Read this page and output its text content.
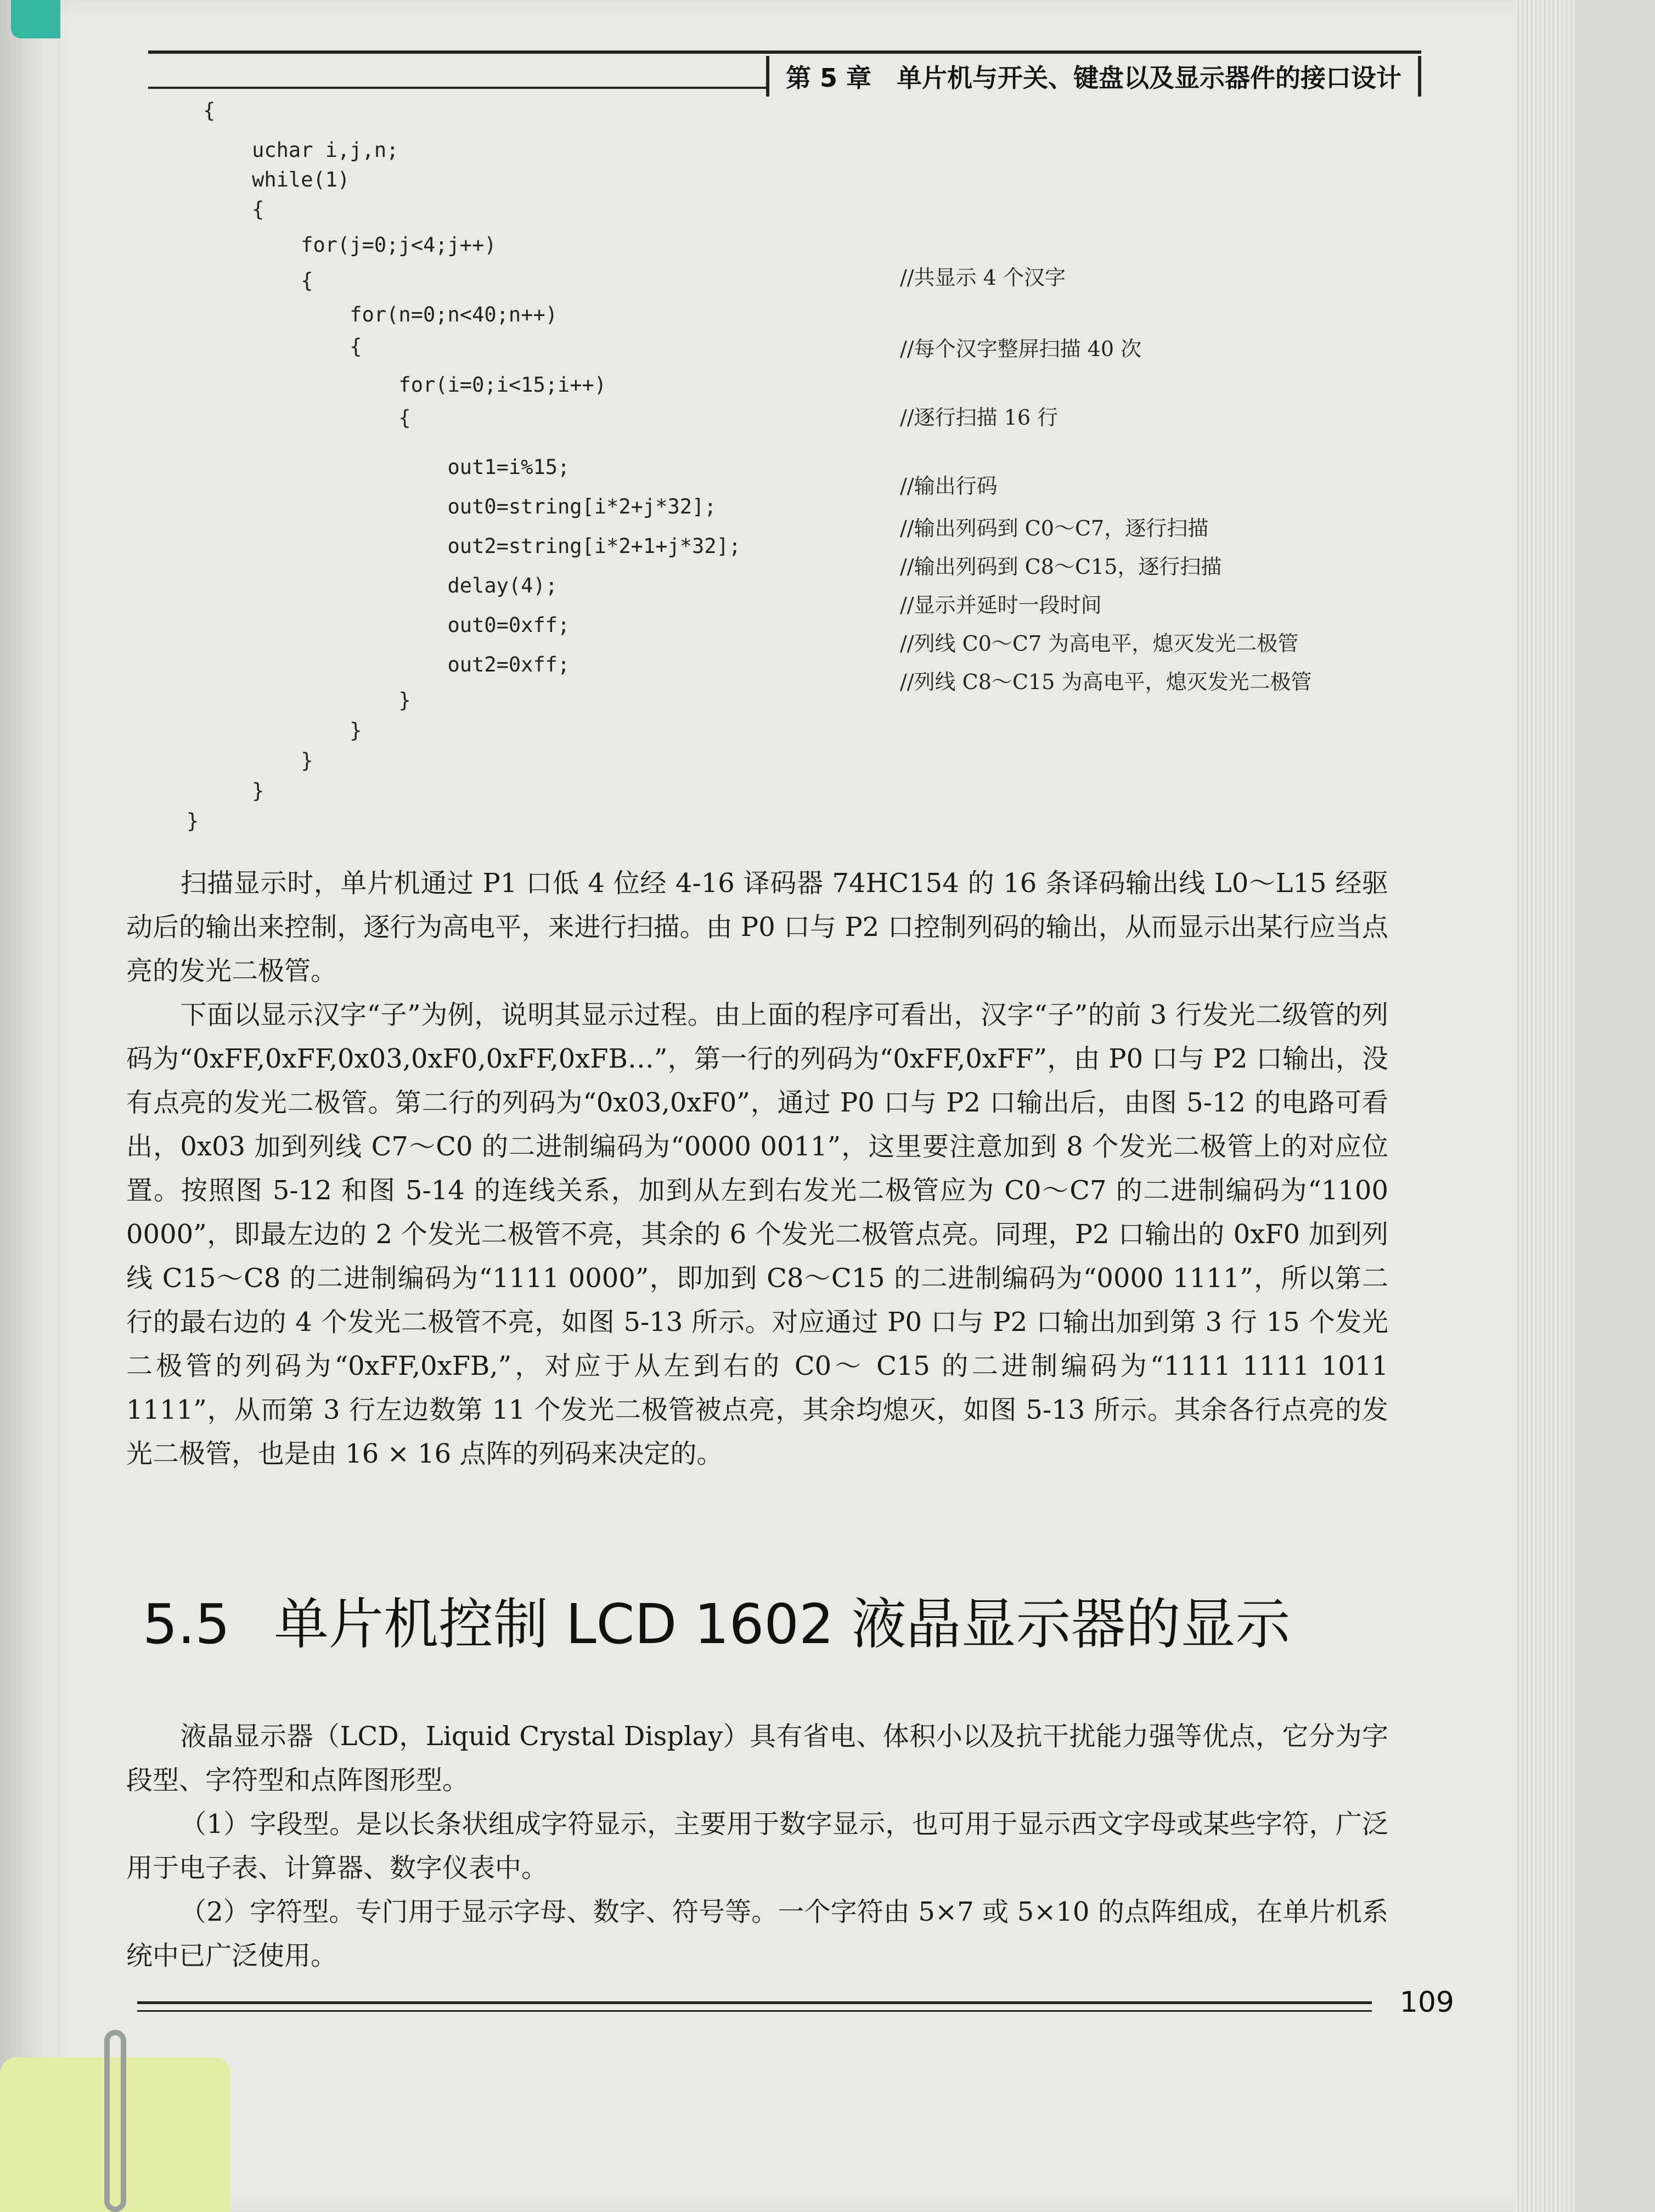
第 5 章　单片机与开关、键盘以及显示器件的接口设计
{
uchar i,j,n;
while(1)
{
for(j=0;j<4;j++)
{
for(n=0;n<40;n++)
{
for(i=0;i<15;i++)
{
out1=i%15;
out0=string[i*2+j*32];
out2=string[i*2+1+j*32];
delay(4);
out0=0xff;
out2=0xff;
}
}
}
}
}
//共显示 4 个汉字
//每个汉字整屏扫描 40 次
//逐行扫描 16 行
//输出行码
//输出列码到 C0～C7，逐行扫描
//输出列码到 C8～C15，逐行扫描
//显示并延时一段时间
//列线 C0～C7 为高电平，熄灭发光二极管
//列线 C8～C15 为高电平，熄灭发光二极管
扫描显示时，单片机通过 P1 口低 4 位经 4-16 译码器 74HC154 的 16 条译码输出线 L0～L15 经驱动后的输出来控制，逐行为高电平，来进行扫描。由 P0 口与 P2 口控制列码的输出，从而显示出某行应当点亮的发光二极管。
下面以显示汉字“子”为例，说明其显示过程。由上面的程序可看出，汉字“子”的前 3 行发光二级管的列码为“0xFF,0xFF,0x03,0xF0,0xFF,0xFB…”，第一行的列码为“0xFF,0xFF”，由 P0 口与 P2 口输出，没有点亮的发光二极管。第二行的列码为“0x03,0xF0”，通过 P0 口与 P2 口输出后，由图 5-12 的电路可看出，0x03 加到列线 C7～C0 的二进制编码为“0000 0011”，这里要注意加到 8 个发光二极管上的对应位置。按照图 5-12 和图 5-14 的连线关系，加到从左到右发光二极管应为 C0～C7 的二进制编码为“1100 0000”，即最左边的 2 个发光二极管不亮，其余的 6 个发光二极管点亮。同理，P2 口输出的 0xF0 加到列线 C15～C8 的二进制编码为“1111 0000”，即加到 C8～C15 的二进制编码为“0000 1111”，所以第二行的最右边的 4 个发光二极管不亮，如图 5-13 所示。对应通过 P0 口与 P2 口输出加到第 3 行 15 个发光二极管的列码为“0xFF,0xFB,”，对应于从左到右的 C0～ C15 的二进制编码为“1111 1111 1011 1111”，从而第 3 行左边数第 11 个发光二极管被点亮，其余均熄灭，如图 5-13 所示。其余各行点亮的发光二极管，也是由 16 × 16 点阵的列码来决定的。
5.5 单片机控制 LCD 1602 液晶显示器的显示
液晶显示器（LCD，Liquid Crystal Display）具有省电、体积小以及抗干扰能力强等优点，它分为字段型、字符型和点阵图形型。
（1）字段型。是以长条状组成字符显示，主要用于数字显示，也可用于显示西文字母或某些字符，广泛用于电子表、计算器、数字仪表中。
（2）字符型。专门用于显示字母、数字、符号等。一个字符由 5×7 或 5×10 的点阵组成，在单片机系统中已广泛使用。
109
